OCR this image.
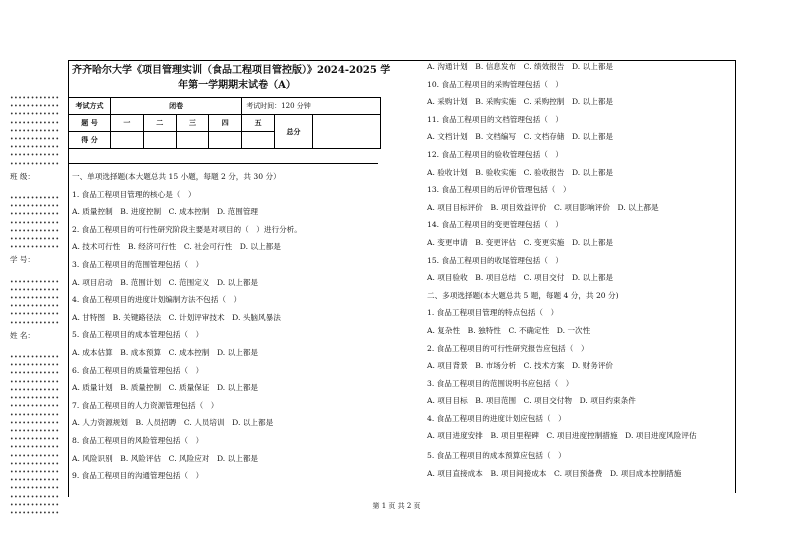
••••••••••••
••••••••••••
••••••••••••
••••••••••••
••••••••••••
••••••••••••
••••••••••••
••••••••••••
••••••••••••
班 级：
••••••••••••
••••••••••••
••••••••••••
••••••••••••
••••••••••••
••••••••••••
••••••••••••
学 号：
••••••••••••
••••••••••••
••••••••••••
••••••••••••
••••••••••••
••••••••••••
姓 名：
••••••••••••
••••••••••••
••••••••••••
••••••••••••
••••••••••••
••••••••••••
••••••••••••
••••••••••••
••••••••••••
••••••••••••
••••••••••••
••••••••••••
••••••••••••
••••••••••••
••••••••••••
••••••••••••
••••••••••••
••••••••••••
••••••••••••
••••••••••••
齐齐哈尔大学《项目管理实训（食品工程项目管控版）》2024-2025 学
年第一学期期末试卷（A）
考试方式	闭卷				考试时间：120 分钟		
题 号	一	二	三	四	五	总分	
得 分							
一、单项选择题(本大题总共 15 小题，每题 2 分，共 30 分）
1. 食品工程项目管理的核心是（　）
A. 质量控制　B. 进度控制　C. 成本控制　D. 范围管理
2. 食品工程项目的可行性研究阶段主要是对项目的（　）进行分析。
A. 技术可行性　B. 经济可行性　C. 社会可行性　D. 以上都是
3. 食品工程项目的范围管理包括（　）
A. 项目启动　B. 范围计划　C. 范围定义　D. 以上都是
4. 食品工程项目的进度计划编制方法不包括（　）
A. 甘特图　B. 关键路径法　C. 计划评审技术　D. 头脑风暴法
5. 食品工程项目的成本管理包括（　）
A. 成本估算　B. 成本预算　C. 成本控制　D. 以上都是
6. 食品工程项目的质量管理包括（　）
A. 质量计划　B. 质量控制　C. 质量保证　D. 以上都是
7. 食品工程项目的人力资源管理包括（　）
A. 人力资源规划　B. 人员招聘　C. 人员培训　D. 以上都是
8. 食品工程项目的风险管理包括（　）
A. 风险识别　B. 风险评估　C. 风险应对　D. 以上都是
9. 食品工程项目的沟通管理包括（　）
A. 沟通计划　B. 信息发布　C. 绩效报告　D. 以上都是
10. 食品工程项目的采购管理包括（　）
A. 采购计划　B. 采购实施　C. 采购控制　D. 以上都是
11. 食品工程项目的文档管理包括（　）
A. 文档计划　B. 文档编写　C. 文档存储　D. 以上都是
12. 食品工程项目的验收管理包括（　）
A. 验收计划　B. 验收实施　C. 验收报告　D. 以上都是
13. 食品工程项目的后评价管理包括（　）
A. 项目目标评价　B. 项目效益评价　C. 项目影响评价　D. 以上都是
14. 食品工程项目的变更管理包括（　）
A. 变更申请　B. 变更评估　C. 变更实施　D. 以上都是
15. 食品工程项目的收尾管理包括（　）
A. 项目验收　B. 项目总结　C. 项目交付　D. 以上都是
二、多项选择题(本大题总共 5 题，每题 4 分，共 20 分)
1. 食品工程项目管理的特点包括（　）
A. 复杂性　B. 独特性　C. 不确定性　D. 一次性
2. 食品工程项目的可行性研究报告应包括（　）
A. 项目背景　B. 市场分析　C. 技术方案　D. 财务评价
3. 食品工程项目的范围说明书应包括（　）
A. 项目目标　B. 项目范围　C. 项目交付物　D. 项目约束条件
4. 食品工程项目的进度计划应包括（　）
A. 项目进度安排　B. 项目里程碑　C. 项目进度控制措施　D. 项目进度风险评估
5. 食品工程项目的成本预算应包括（　）
A. 项目直接成本　B. 项目间接成本　C. 项目预备费　D. 项目成本控制措施
第 1 页 共 2 页
